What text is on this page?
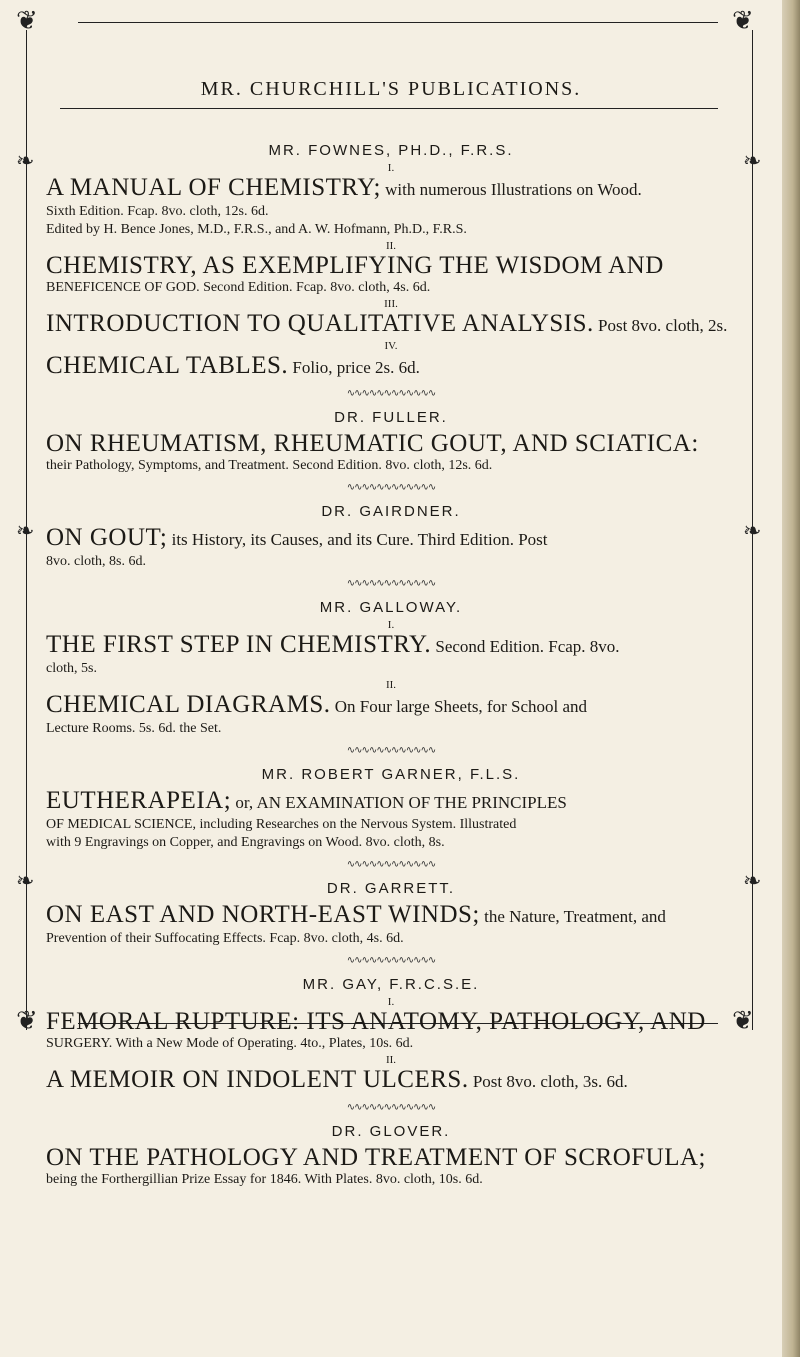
❦	❦
❦	❦
❧	❧
❧	❧
❧	❧
MR. CHURCHILL'S PUBLICATIONS.
MR. FOWNES, PH.D., F.R.S.
I.
A MANUAL OF CHEMISTRY; with numerous Illustrations on Wood.
Sixth Edition. Fcap. 8vo. cloth, 12s. 6d.
Edited by H. Bence Jones, M.D., F.R.S., and A. W. Hofmann, Ph.D., F.R.S.
II.
CHEMISTRY, AS EXEMPLIFYING THE WISDOM AND
BENEFICENCE OF GOD. Second Edition. Fcap. 8vo. cloth, 4s. 6d.
III.
INTRODUCTION TO QUALITATIVE ANALYSIS. Post 8vo. cloth, 2s.
IV.
CHEMICAL TABLES. Folio, price 2s. 6d.
∿∿∿∿∿∿∿∿∿∿∿∿
DR. FULLER.
ON RHEUMATISM, RHEUMATIC GOUT, AND SCIATICA:
their Pathology, Symptoms, and Treatment. Second Edition. 8vo. cloth, 12s. 6d.
∿∿∿∿∿∿∿∿∿∿∿∿
DR. GAIRDNER.
ON GOUT; its History, its Causes, and its Cure. Third Edition. Post
8vo. cloth, 8s. 6d.
∿∿∿∿∿∿∿∿∿∿∿∿
MR. GALLOWAY.
I.
THE FIRST STEP IN CHEMISTRY. Second Edition. Fcap. 8vo.
cloth, 5s.
II.
CHEMICAL DIAGRAMS. On Four large Sheets, for School and
Lecture Rooms. 5s. 6d. the Set.
∿∿∿∿∿∿∿∿∿∿∿∿
MR. ROBERT GARNER, F.L.S.
EUTHERAPEIA; or, AN EXAMINATION OF THE PRINCIPLES
OF MEDICAL SCIENCE, including Researches on the Nervous System. Illustrated
with 9 Engravings on Copper, and Engravings on Wood. 8vo. cloth, 8s.
∿∿∿∿∿∿∿∿∿∿∿∿
DR. GARRETT.
ON EAST AND NORTH-EAST WINDS; the Nature, Treatment, and
Prevention of their Suffocating Effects. Fcap. 8vo. cloth, 4s. 6d.
∿∿∿∿∿∿∿∿∿∿∿∿
MR. GAY, F.R.C.S.E.
I.
FEMORAL RUPTURE: ITS ANATOMY, PATHOLOGY, AND
SURGERY. With a New Mode of Operating. 4to., Plates, 10s. 6d.
II.
A MEMOIR ON INDOLENT ULCERS. Post 8vo. cloth, 3s. 6d.
∿∿∿∿∿∿∿∿∿∿∿∿
DR. GLOVER.
ON THE PATHOLOGY AND TREATMENT OF SCROFULA;
being the Forthergillian Prize Essay for 1846. With Plates. 8vo. cloth, 10s. 6d.
